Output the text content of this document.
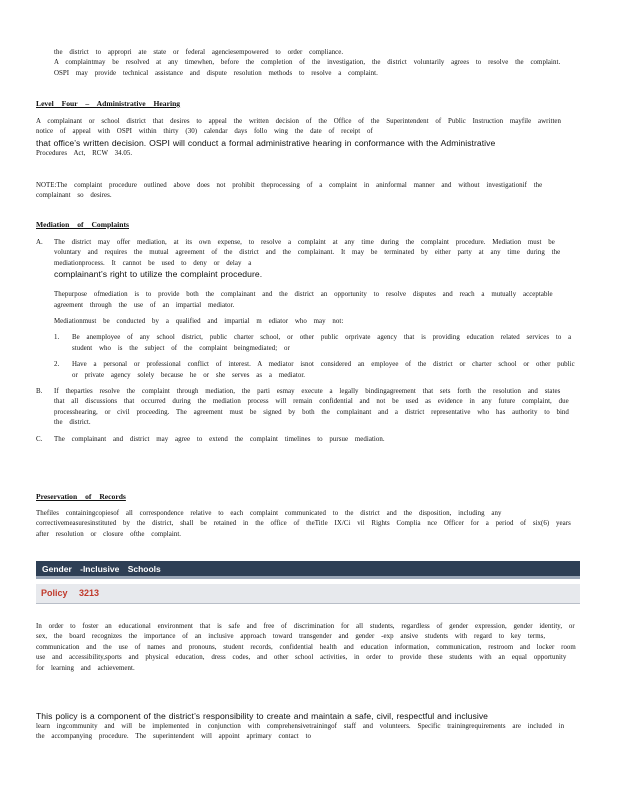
the district to appropri ate state or federal agenciesempowered to order compliance.
A complaintmay be resolved at any timewhen, before the completion of the investigation, the district voluntarily agrees to resolve the complaint. OSPI may provide technical assistance and dispute resolution methods to resolve a complaint.
Level Four – Administrative Hearing
A complainant or school district that desires to appeal the written decision of the Office of the Superintendent of Public Instruction mayfile awritten notice of appeal with OSPI within thirty (30) calendar days follo wing the date of receipt of
that office’s written decision. OSPI will conduct a formal administrative hearing in conformance with the Administrative
Procedures Act, RCW 34.05.
NOTE:The complaint procedure outlined above does not prohibit theprocessing of a complaint in aninformal manner and without investigationif the complainant so desires.
Mediation of Complaints
A. The district may offer mediation, at its own expense, to resolve a complaint at any time during the complaint procedure. Mediation must be voluntary and requires the mutual agreement of the district and the complainant. It may be terminated by either party at any time during the mediationprocess. It cannot be used to deny or delay a
complainant’s right to utilize the complaint procedure.

Thepurpose ofmediation is to provide both the complainant and the district an opportunity to resolve disputes and reach a mutually acceptable agreement through the use of an impartial mediator.

Mediationmust be conducted by a qualified and impartial m ediator who may not:

1. Be anemployee of any school district, public charter school, or other public orprivate agency that is providing education related services to a student who is the subject of the complaint beingmediated; or
2. Have a personal or professional conflict of interest. A mediator isnot considered an employee of the district or charter school or other public or private agency solely because he or she serves as a mediator.
B. If theparties resolve the complaint through mediation, the parti esmay execute a legally bindingagreement that sets forth the resolution and states that all discussions that occurred during the mediation process will remain confidential and not be used as evidence in any future complaint, due processhearing, or civil proceeding. The agreement must be signed by both the complainant and a district representative who has authority to bind the district.
C. The complainant and district may agree to extend the complaint timelines to pursue mediation.
Preservation of Records
Thefiles containingcopiesof all correspondence relative to each complaint communicated to the district and the disposition, including any correctivemeasuresinstituted by the district, shall be retained in the office of theTitle IX/Ci vil Rights Complia nce Officer for a period of six(6) years after resolution or closure ofthe complaint.
Gender -Inclusive Schools
Policy 3213
In order to foster an educational environment that is safe and free of discrimination for all students, regardless of gender expression, gender identity, or sex, the board recognizes the importance of an inclusive approach toward transgender and gender -exp ansive students with regard to key terms, communication and the use of names and pronouns, student records, confidential health and education information, communication, restroom and locker room use and accessibility,sports and physical education, dress codes, and other school activities, in order to provide these students with an equal opportunity for learning and achievement.
This policy is a component of the district’s responsibility to create and maintain a safe, civil, respectful and inclusive
learn ingcommunity and will be implemented in conjunction with comprehensivetrainingof staff and volunteers. Specific trainingrequirements are included in the accompanying procedure. The superintendent will appoint aprimary contact to
